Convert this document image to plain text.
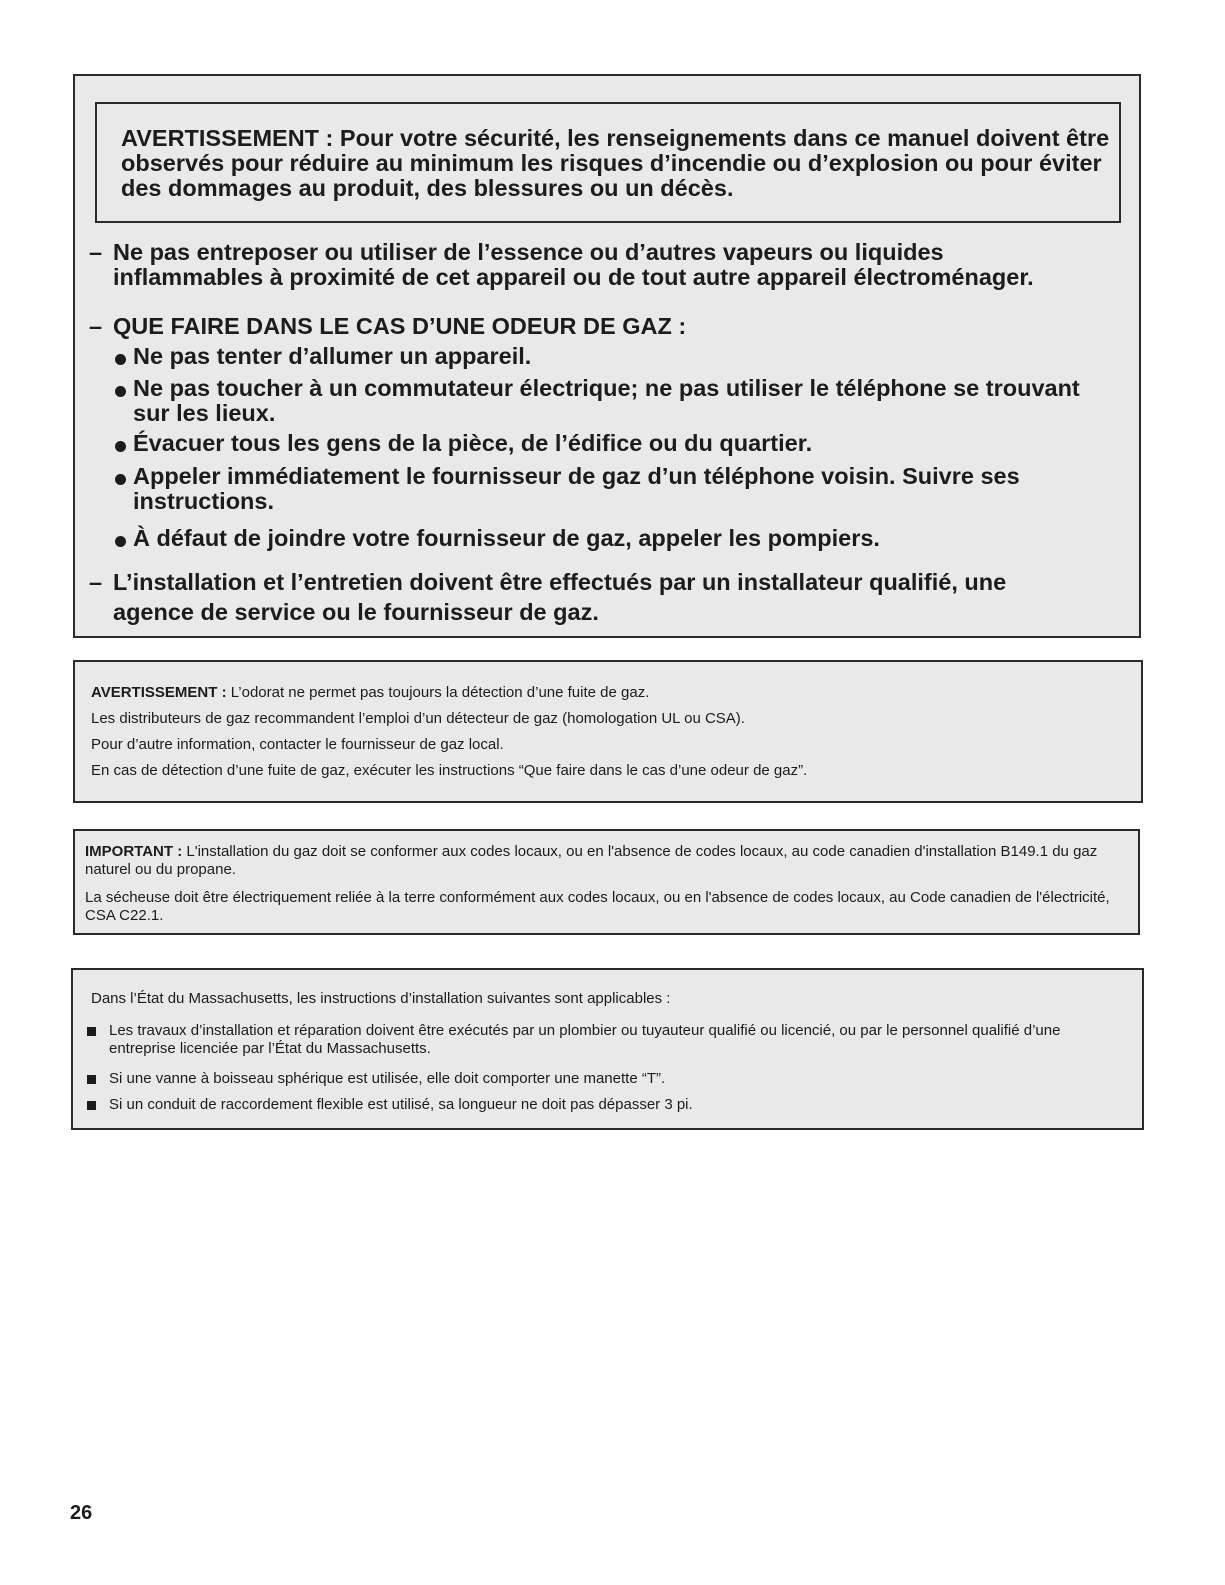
AVERTISSEMENT : Pour votre sécurité, les renseignements dans ce manuel doivent être observés pour réduire au minimum les risques d’incendie ou d’explosion ou pour éviter des dommages au produit, des blessures ou un décès.
– Ne pas entreposer ou utiliser de l’essence ou d’autres vapeurs ou liquides inflammables à proximité de cet appareil ou de tout autre appareil électroménager.
– QUE FAIRE DANS LE CAS D’UNE ODEUR DE GAZ :
Ne pas tenter d’allumer un appareil.
Ne pas toucher à un commutateur électrique; ne pas utiliser le téléphone se trouvant sur les lieux.
Évacuer tous les gens de la pièce, de l’édifice ou du quartier.
Appeler immédiatement le fournisseur de gaz d’un téléphone voisin. Suivre ses instructions.
À défaut de joindre votre fournisseur de gaz, appeler les pompiers.
– L’installation et l’entretien doivent être effectués par un installateur qualifié, une agence de service ou le fournisseur de gaz.

AVERTISSEMENT : L’odorat ne permet pas toujours la détection d’une fuite de gaz.

Les distributeurs de gaz recommandent l’emploi d’un détecteur de gaz (homologation UL ou CSA).

Pour d’autre information, contacter le fournisseur de gaz local.

En cas de détection d’une fuite de gaz, exécuter les instructions “Que faire dans le cas d’une odeur de gaz”.

IMPORTANT : L'installation du gaz doit se conformer aux codes locaux, ou en l'absence de codes locaux, au code canadien d'installation B149.1 du gaz naturel ou du propane.

La sécheuse doit être électriquement reliée à la terre conformément aux codes locaux, ou en l'absence de codes locaux, au Code canadien de l'électricité, CSA C22.1.

Dans l’État du Massachusetts, les instructions d’installation suivantes sont applicables :

Les travaux d’installation et réparation doivent être exécutés par un plombier ou tuyauteur qualifié ou licencié, ou par le personnel qualifié d’une entreprise licenciée par l’État du Massachusetts.

Si une vanne à boisseau sphérique est utilisée, elle doit comporter une manette “T”.

Si un conduit de raccordement flexible est utilisé, sa longueur ne doit pas dépasser 3 pi.

26
